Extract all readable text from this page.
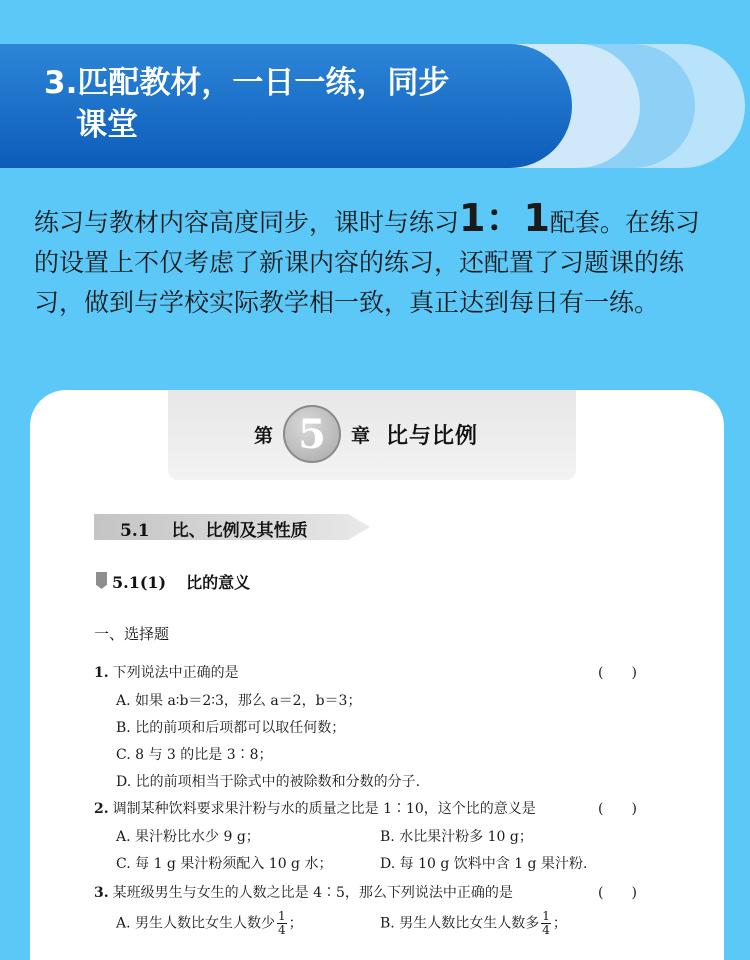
3.匹配教材，一日一练，同步
课堂
练习与教材内容高度同步，课时与练习1：1配套。在练习的设置上不仅考虑了新课内容的练习，还配置了习题课的练习，做到与学校实际教学相一致，真正达到每日有一练。
第 5	章 比与比例
5.1 比、比例及其性质
5.1(1) 比的意义
一、选择题
1. 下列说法中正确的是	(　　)
A. 如果 a∶b＝2∶3，那么 a＝2，b＝3；
B. 比的前项和后项都可以取任何数；
C. 8 与 3 的比是 3∶8；
D. 比的前项相当于除式中的被除数和分数的分子.
2. 调制某种饮料要求果汁粉与水的质量之比是 1∶10，这个比的意义是	(　　)
A. 果汁粉比水少 9 g；	B. 水比果汁粉多 10 g；
C. 每 1 g 果汁粉须配入 10 g 水；	D. 每 10 g 饮料中含 1 g 果汁粉.
3. 某班级男生与女生的人数之比是 4∶5，那么下列说法中正确的是	(　　)
A. 男生人数比女生人数少 $\frac{1}{4}$ ；	B. 男生人数比女生人数多 $\frac{1}{4}$ ；
